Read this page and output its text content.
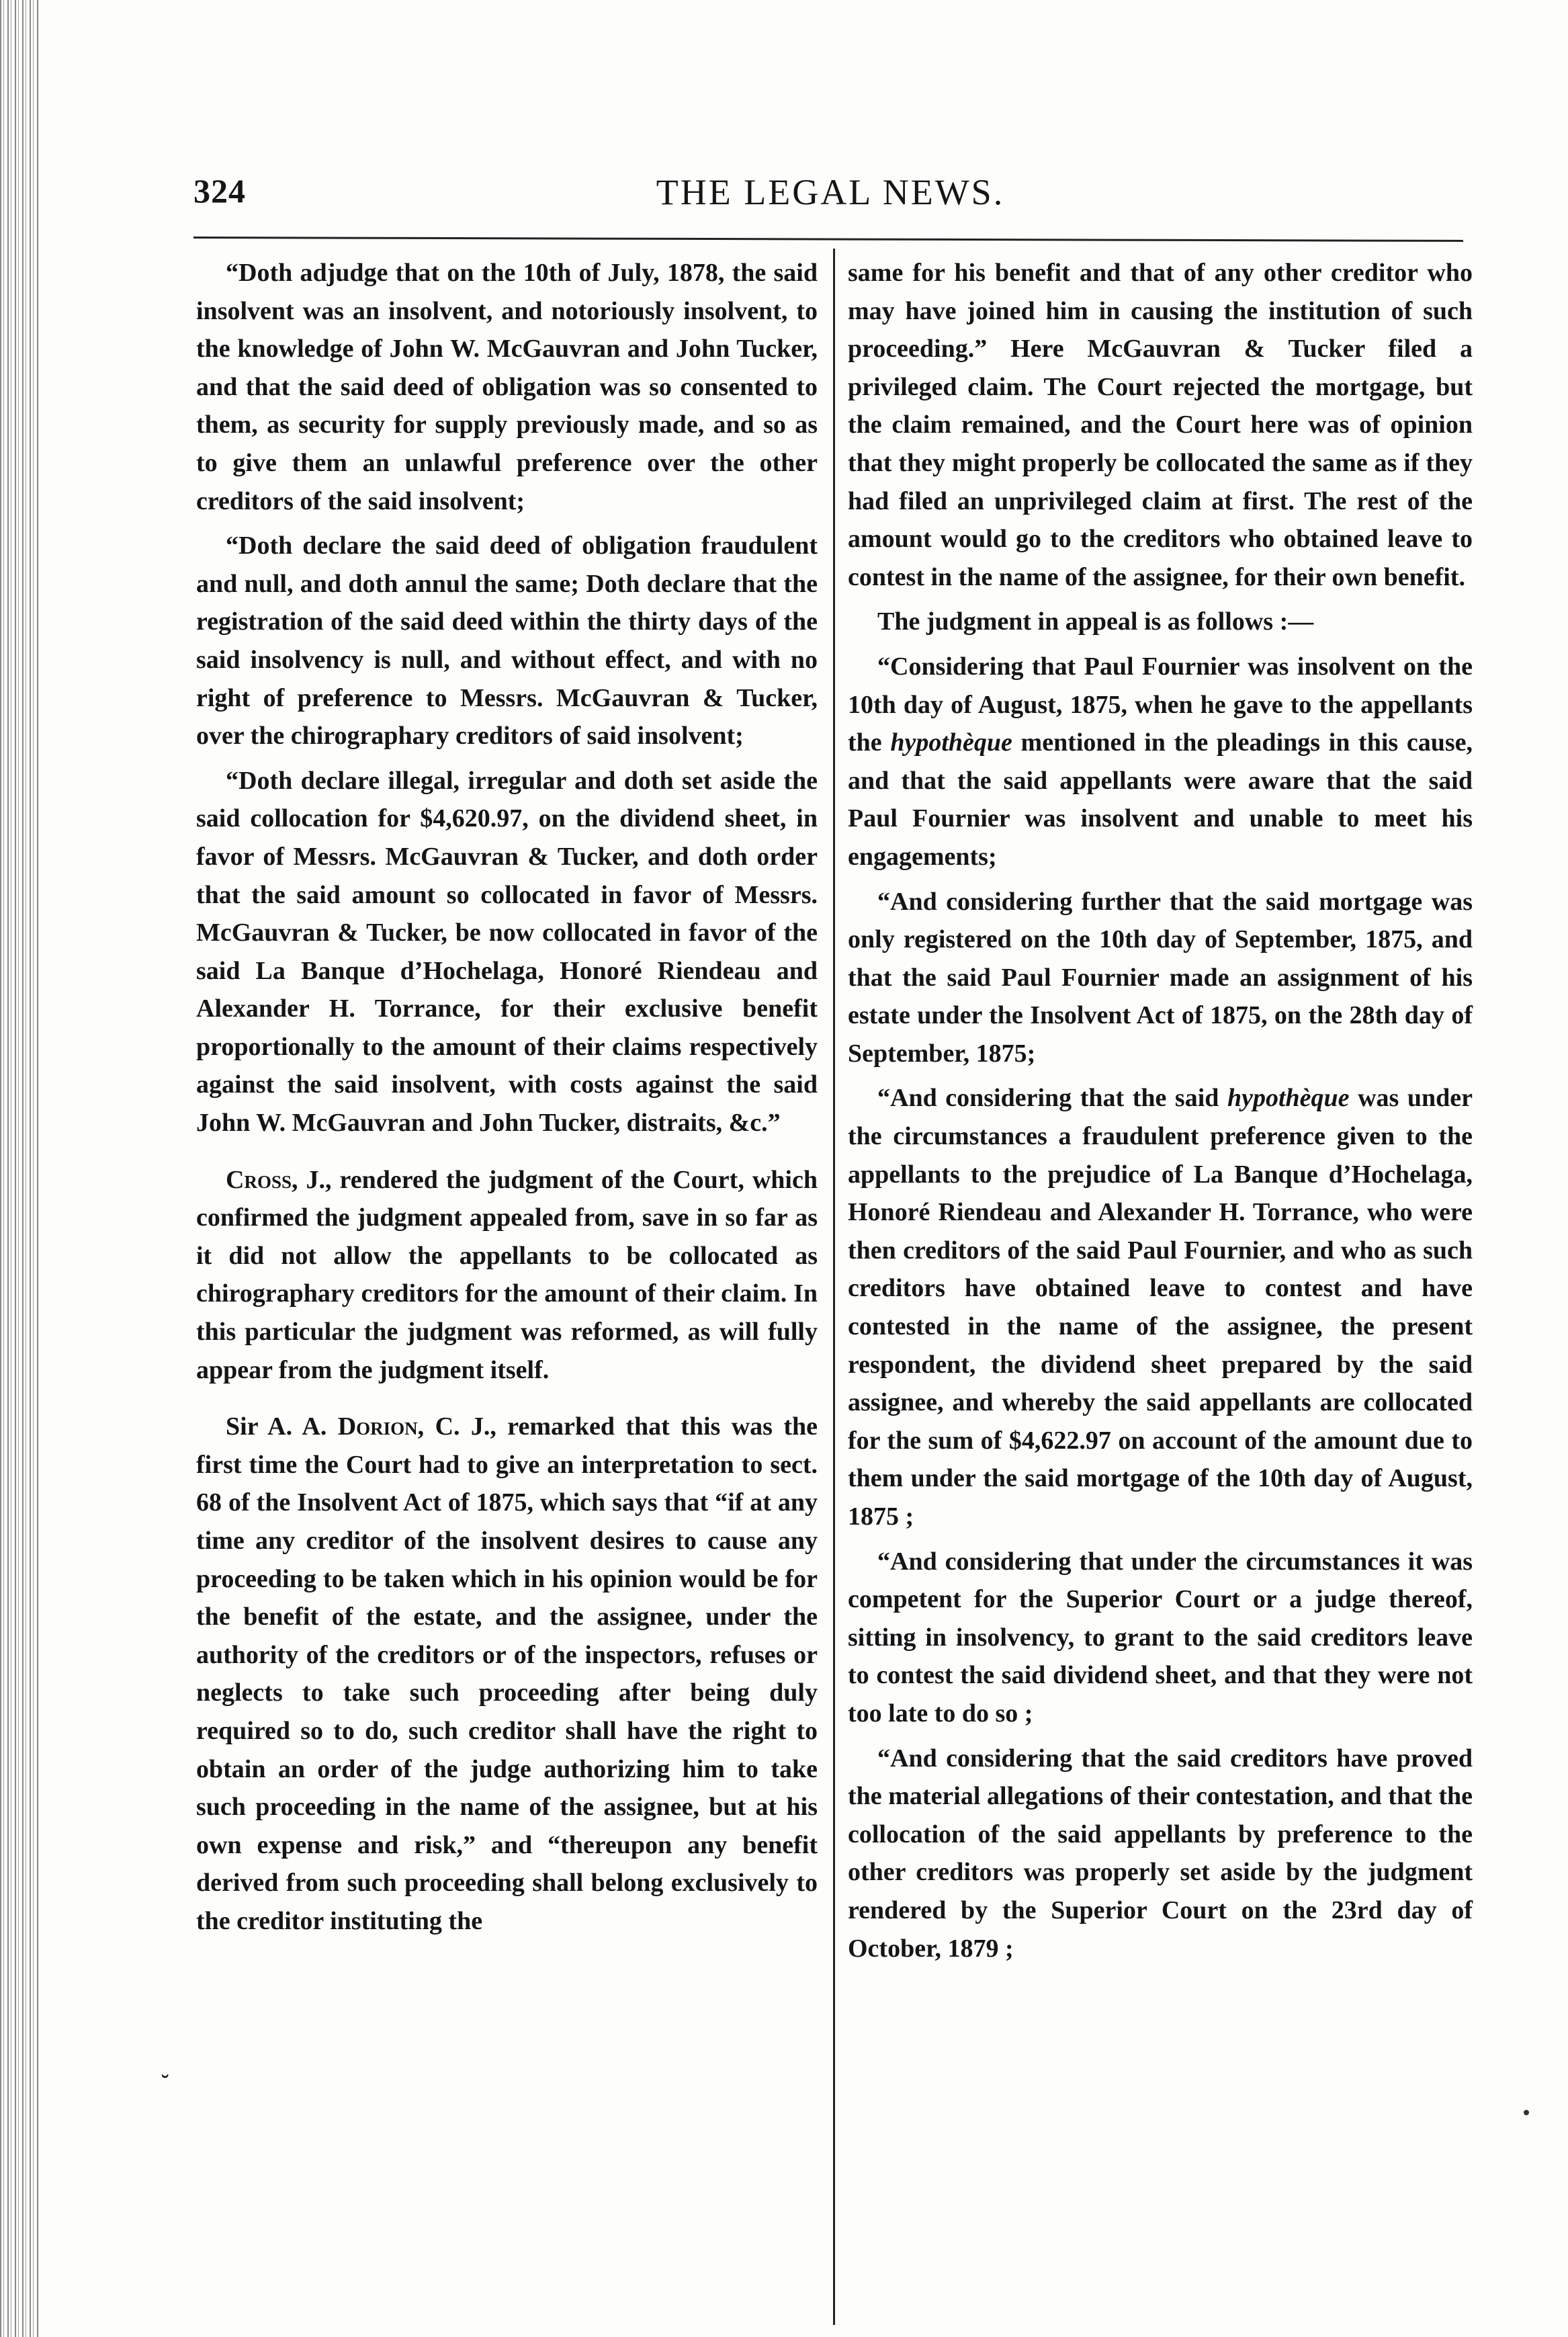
324	THE LEGAL NEWS.

“Doth adjudge that on the 10th of July, 1878, the said insolvent was an insolvent, and notoriously insolvent, to the knowledge of John W. McGauvran and John Tucker, and that the said deed of obligation was so consented to them, as security for supply previously made, and so as to give them an unlawful preference over the other creditors of the said insolvent;

“Doth declare the said deed of obligation fraudulent and null, and doth annul the same; Doth declare that the registration of the said deed within the thirty days of the said insolvency is null, and without effect, and with no right of preference to Messrs. McGauvran & Tucker, over the chirographary creditors of said insolvent;

“Doth declare illegal, irregular and doth set aside the said collocation for $4,620.97, on the dividend sheet, in favor of Messrs. McGauvran & Tucker, and doth order that the said amount so collocated in favor of Messrs. McGauvran & Tucker, be now collocated in favor of the said La Banque d’Hochelaga, Honoré Riendeau and Alexander H. Torrance, for their exclusive benefit proportionally to the amount of their claims respectively against the said insolvent, with costs against the said John W. McGauvran and John Tucker, distraits, &c.”

Cross, J., rendered the judgment of the Court, which confirmed the judgment appealed from, save in so far as it did not allow the appellants to be collocated as chirographary creditors for the amount of their claim. In this particular the judgment was reformed, as will fully appear from the judgment itself.

Sir A. A. Dorion, C. J., remarked that this was the first time the Court had to give an interpretation to sect. 68 of the Insolvent Act of 1875, which says that “if at any time any creditor of the insolvent desires to cause any proceeding to be taken which in his opinion would be for the benefit of the estate, and the assignee, under the authority of the creditors or of the inspectors, refuses or neglects to take such proceeding after being duly required so to do, such creditor shall have the right to obtain an order of the judge authorizing him to take such proceeding in the name of the assignee, but at his own expense and risk,” and “thereupon any benefit derived from such proceeding shall belong exclusively to the creditor instituting the

same for his benefit and that of any other creditor who may have joined him in causing the institution of such proceeding.” Here McGauvran & Tucker filed a privileged claim. The Court rejected the mortgage, but the claim remained, and the Court here was of opinion that they might properly be collocated the same as if they had filed an unprivileged claim at first. The rest of the amount would go to the creditors who obtained leave to contest in the name of the assignee, for their own benefit.

The judgment in appeal is as follows :—

“Considering that Paul Fournier was insolvent on the 10th day of August, 1875, when he gave to the appellants the hypothèque mentioned in the pleadings in this cause, and that the said appellants were aware that the said Paul Fournier was insolvent and unable to meet his engagements;

“And considering further that the said mortgage was only registered on the 10th day of September, 1875, and that the said Paul Fournier made an assignment of his estate under the Insolvent Act of 1875, on the 28th day of September, 1875;

“And considering that the said hypothèque was under the circumstances a fraudulent preference given to the appellants to the prejudice of La Banque d’Hochelaga, Honoré Riendeau and Alexander H. Torrance, who were then creditors of the said Paul Fournier, and who as such creditors have obtained leave to contest and have contested in the name of the assignee, the present respondent, the dividend sheet prepared by the said assignee, and whereby the said appellants are collocated for the sum of $4,622.97 on account of the amount due to them under the said mortgage of the 10th day of August, 1875 ;

“And considering that under the circumstances it was competent for the Superior Court or a judge thereof, sitting in insolvency, to grant to the said creditors leave to contest the said dividend sheet, and that they were not too late to do so ;

“And considering that the said creditors have proved the material allegations of their contestation, and that the collocation of the said appellants by preference to the other creditors was properly set aside by the judgment rendered by the Superior Court on the 23rd day of October, 1879 ;

˘
